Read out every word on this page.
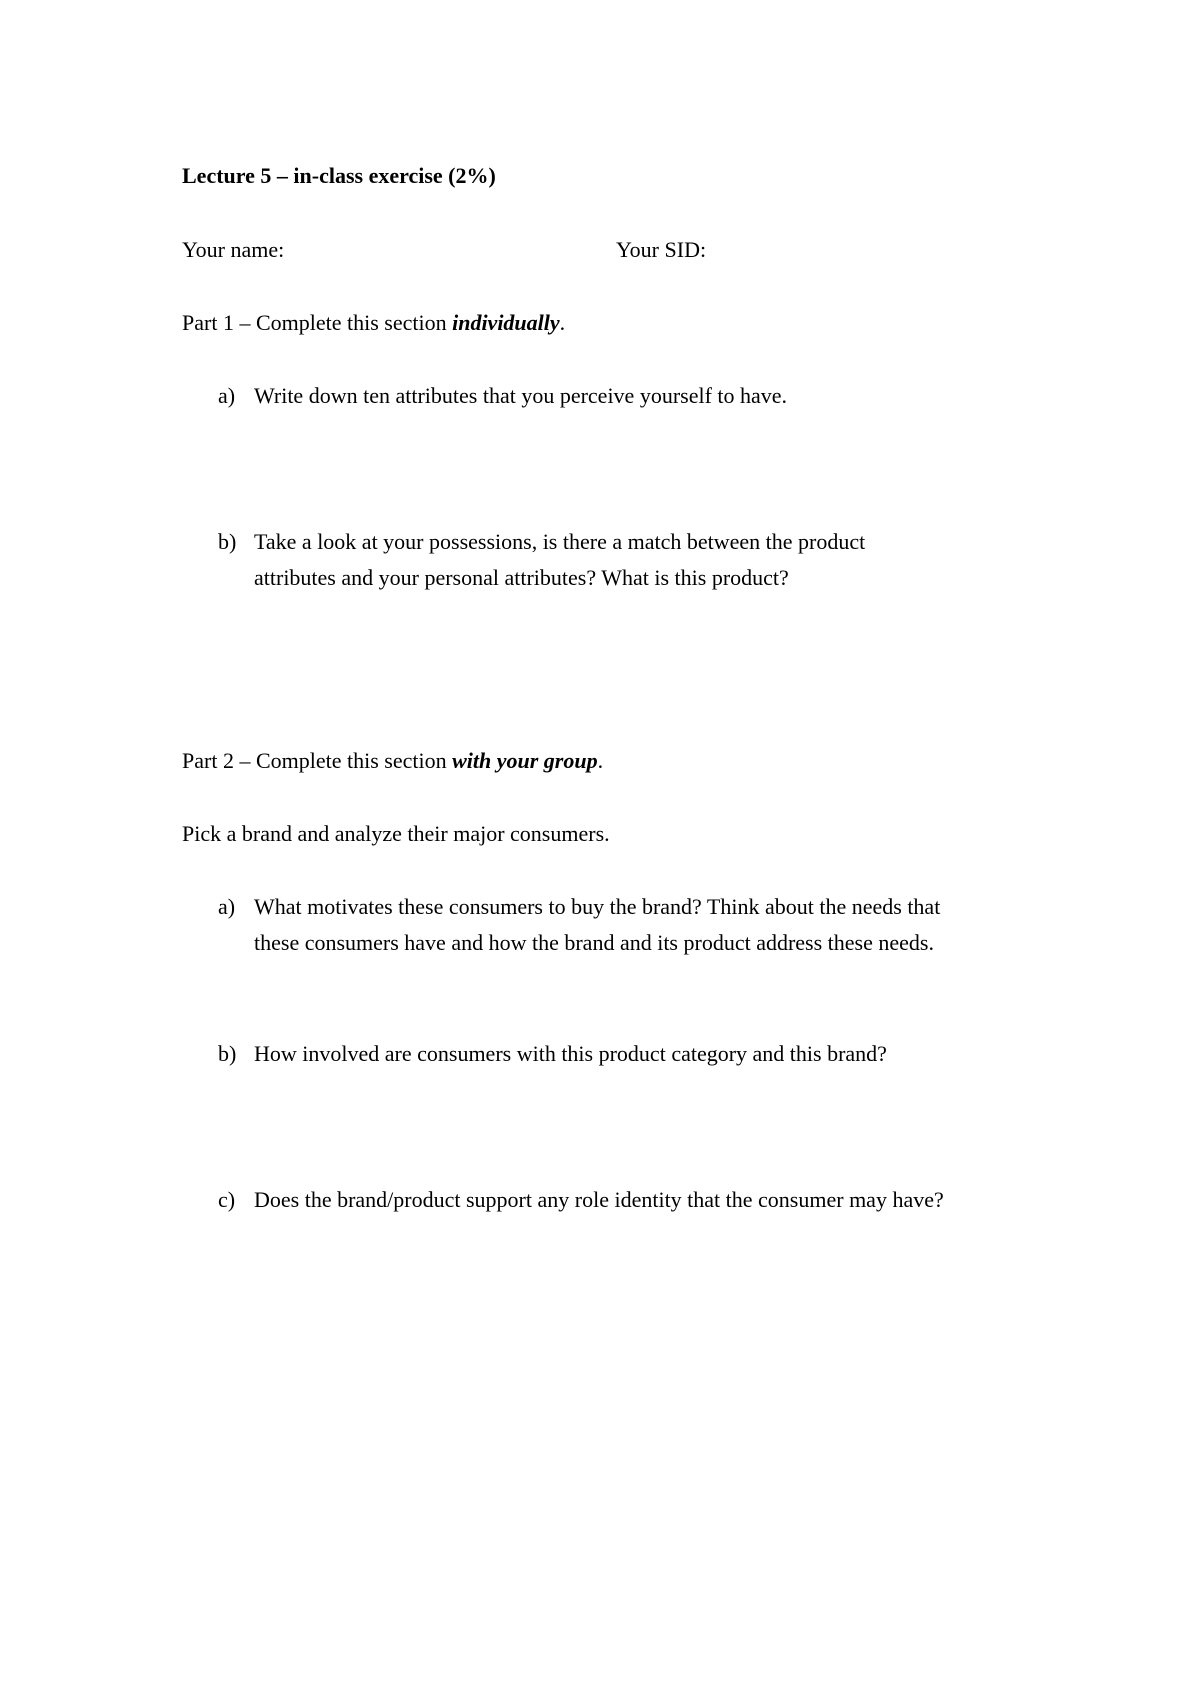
Lecture 5 – in-class exercise (2%)
Your name:	Your SID:
Part 1 – Complete this section individually.
a) Write down ten attributes that you perceive yourself to have.
b) Take a look at your possessions, is there a match between the product
attributes and your personal attributes? What is this product?
Part 2 – Complete this section with your group.
Pick a brand and analyze their major consumers.
a) What motivates these consumers to buy the brand? Think about the needs that
these consumers have and how the brand and its product address these needs.
b) How involved are consumers with this product category and this brand?
c) Does the brand/product support any role identity that the consumer may have?
